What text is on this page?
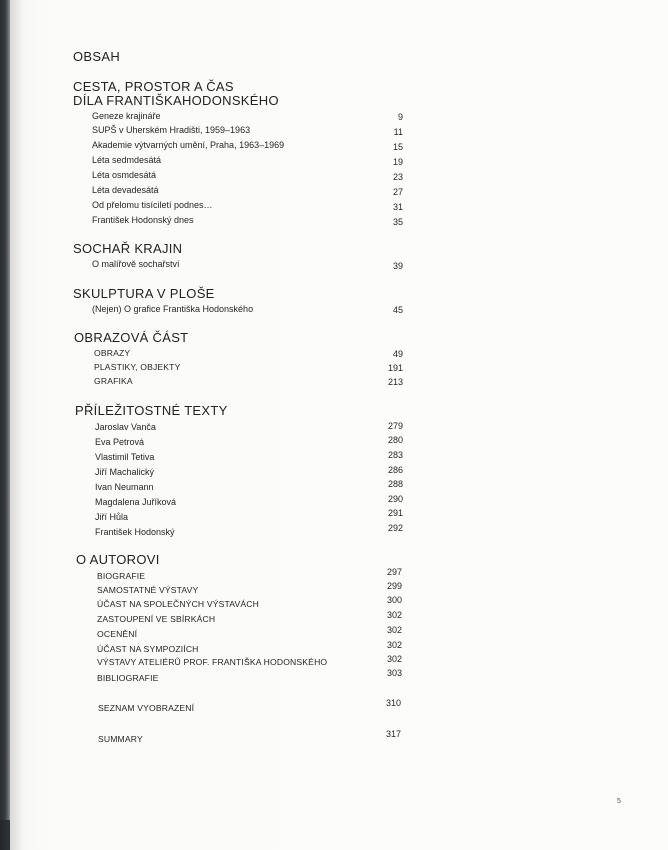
OBSAH
CESTA, PROSTOR A ČAS
DÍLA FRANTIŠKAHODONSKÉHO
Geneze krajináře	9
SUPŠ v Uherském Hradišti, 1959–1963	11
Akademie výtvarných umění, Praha, 1963–1969	15
Léta sedmdesátá	19
Léta osmdesátá	23
Léta devadesátá	27
Od přelomu tisíciletí podnes…	31
František Hodonský dnes	35
SOCHAŘ KRAJIN
O malířově sochařství	39
SKULPTURA V PLOŠE
(Nejen) O grafice Františka Hodonského	45
OBRAZOVÁ ČÁST
OBRAZY	49
PLASTIKY, OBJEKTY	191
GRAFIKA	213
PŘÍLEŽITOSTNÉ TEXTY
Jaroslav Vanča	279
Eva Petrová	280
Vlastimil Tetiva	283
Jiří Machalický	286
Ivan Neumann	288
Magdalena Juříková	290
Jiří Hůla	291
František Hodonský	292
O AUTOROVI
BIOGRAFIE	297
SAMOSTATNÉ VÝSTAVY	299
ÚČAST NA SPOLEČNÝCH VÝSTAVÁCH	300
ZASTOUPENÍ VE SBÍRKÁCH	302
OCENĚNÍ	302
ÚČAST NA SYMPOZIÍCH	302
VÝSTAVY ATELIÉRŮ PROF. FRANTIŠKA HODONSKÉHO	302
BIBLIOGRAFIE	303
SEZNAM VYOBRAZENÍ	310
SUMMARY	317
5
